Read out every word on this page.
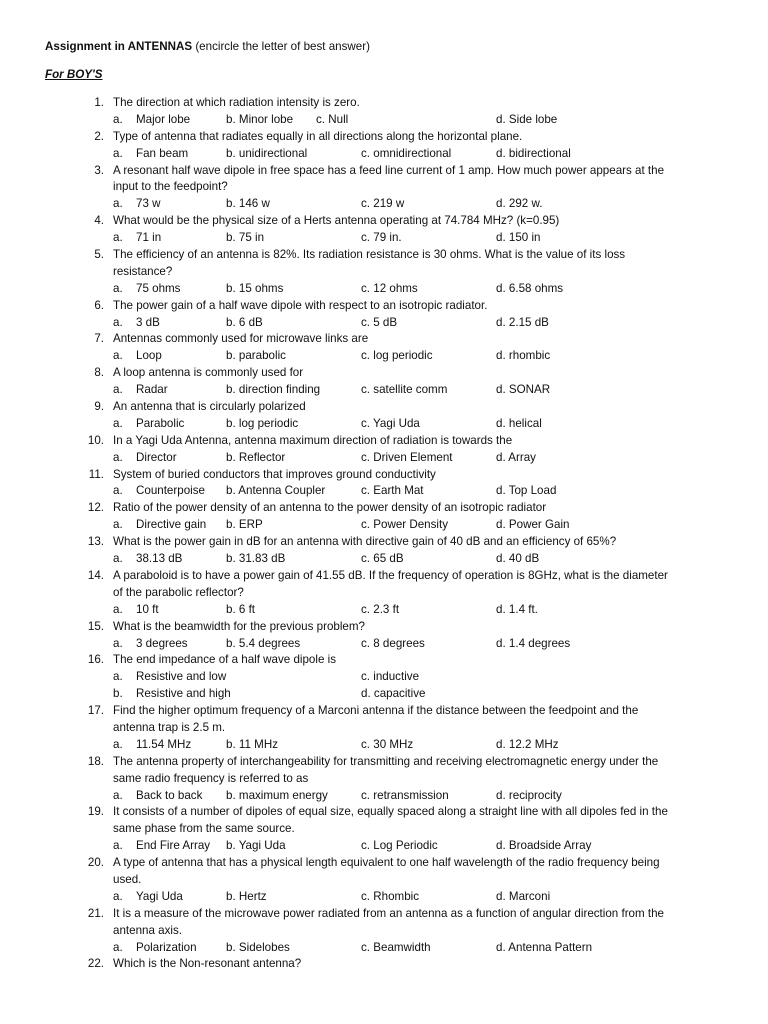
Assignment in ANTENNAS (encircle the letter of best answer)
For BOY'S
1. The direction at which radiation intensity is zero.
a. Major lobe	b. Minor lobe c. Null	d. Side lobe
2. Type of antenna that radiates equally in all directions along the horizontal plane.
a. Fan beam	b. unidirectional	c. omnidirectional	d. bidirectional
3. A resonant half wave dipole in free space has a feed line current of 1 amp. How much power appears at the
input to the feedpoint?
a. 73 w	b. 146 w	c. 219 w	d. 292 w.
4. What would be the physical size of a Herts antenna operating at 74.784 MHz? (k=0.95)
a. 71 in	b. 75 in	c. 79 in.	d. 150 in
5. The efficiency of an antenna is 82%. Its radiation resistance is 30 ohms. What is the value of its loss
resistance?
a. 75 ohms	b. 15 ohms	c. 12 ohms	d. 6.58 ohms
6. The power gain of a half wave dipole with respect to an isotropic radiator.
a. 3 dB	b. 6 dB	c. 5 dB	d. 2.15 dB
7. Antennas commonly used for microwave links are
a. Loop	b. parabolic	c. log periodic	d. rhombic
8. A loop antenna is commonly used for
a. Radar	b. direction finding	c. satellite comm	d. SONAR
9. An antenna that is circularly polarized
a. Parabolic	b. log periodic	c. Yagi Uda	d. helical
10. In a Yagi Uda Antenna, antenna maximum direction of radiation is towards the
a. Director	b. Reflector	c. Driven Element	d. Array
11. System of buried conductors that improves ground conductivity
a. Counterpoise b. Antenna Coupler	c. Earth Mat	d. Top Load
12. Ratio of the power density of an antenna to the power density of an isotropic radiator
a. Directive gain b. ERP	c. Power Density	d. Power Gain
13. What is the power gain in dB for an antenna with directive gain of 40 dB and an efficiency of 65%?
a. 38.13 dB	b. 31.83 dB	c. 65 dB	d. 40 dB
14. A paraboloid is to have a power gain of 41.55 dB. If the frequency of operation is 8GHz, what is the diameter
of the parabolic reflector?
a. 10 ft	b. 6 ft	c. 2.3 ft	d. 1.4 ft.
15. What is the beamwidth for the previous problem?
a. 3 degrees	b. 5.4 degrees	c. 8 degrees	d. 1.4 degrees
16. The end impedance of a half wave dipole is
a. Resistive and low	c. inductive
b. Resistive and high	d. capacitive
17. Find the higher optimum frequency of a Marconi antenna if the distance between the feedpoint and the
antenna trap is 2.5 m.
a. 11.54 MHz	b. 11 MHz	c. 30 MHz	d. 12.2 MHz
18. The antenna property of interchangeability for transmitting and receiving electromagnetic energy under the
same radio frequency is referred to as
a. Back to back b. maximum energy	c. retransmission	d. reciprocity
19. It consists of a number of dipoles of equal size, equally spaced along a straight line with all dipoles fed in the
same phase from the same source.
a. End Fire Array b. Yagi Uda	c. Log Periodic	d. Broadside Array
20. A type of antenna that has a physical length equivalent to one half wavelength of the radio frequency being
used.
a. Yagi Uda	b. Hertz	c. Rhombic	d. Marconi
21. It is a measure of the microwave power radiated from an antenna as a function of angular direction from the
antenna axis.
a. Polarization	b. Sidelobes	c. Beamwidth	d. Antenna Pattern
22. Which is the Non-resonant antenna?
